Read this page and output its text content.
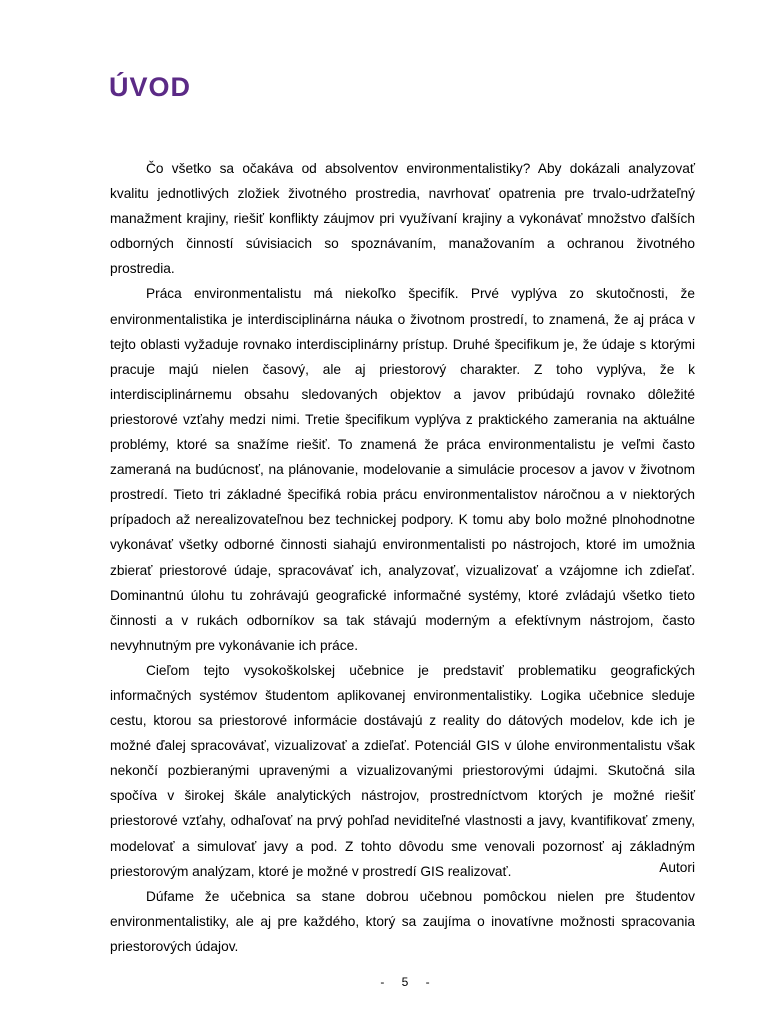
ÚVOD

Čo všetko sa očakáva od absolventov environmentalistiky? Aby dokázali analyzovať kvalitu jednotlivých zložiek životného prostredia, navrhovať opatrenia pre trvalo-udržateľný manažment krajiny, riešiť konflikty záujmov pri využívaní krajiny a vykonávať množstvo ďalších odborných činností súvisiacich so spoznávaním, manažovaním a ochranou životného prostredia.

Práca environmentalistu má niekoľko špecifík. Prvé vyplýva zo skutočnosti, že environmentalistika je interdisciplinárna náuka o životnom prostredí, to znamená, že aj práca v tejto oblasti vyžaduje rovnako interdisciplinárny prístup. Druhé špecifikum je, že údaje s ktorými pracuje majú nielen časový, ale aj priestorový charakter. Z toho vyplýva, že k interdisciplinárnemu obsahu sledovaných objektov a javov pribúdajú rovnako dôležité priestorové vzťahy medzi nimi. Tretie špecifikum vyplýva z praktického zamerania na aktuálne problémy, ktoré sa snažíme riešiť. To znamená že práca environmentalistu je veľmi často zameraná na budúcnosť, na plánovanie, modelovanie a simulácie procesov a javov v životnom prostredí. Tieto tri základné špecifiká robia prácu environmentalistov náročnou a v niektorých prípadoch až nerealizovateľnou bez technickej podpory. K tomu aby bolo možné plnohodnotne vykonávať všetky odborné činnosti siahajú environmentalisti po nástrojoch, ktoré im umožnia zbierať priestorové údaje, spracovávať ich, analyzovať, vizualizovať a vzájomne ich zdieľať. Dominantnú úlohu tu zohrávajú geografické informačné systémy, ktoré zvládajú všetko tieto činnosti a v rukách odborníkov sa tak stávajú moderným a efektívnym nástrojom, často nevyhnutným pre vykonávanie ich práce.

Cieľom tejto vysokoškolskej učebnice je predstaviť problematiku geografických informačných systémov študentom aplikovanej environmentalistiky. Logika učebnice sleduje cestu, ktorou sa priestorové informácie dostávajú z reality do dátových modelov, kde ich je možné ďalej spracovávať, vizualizovať a zdieľať. Potenciál GIS v úlohe environmentalistu však nekončí pozbieranými upravenými a vizualizovanými priestorovými údajmi. Skutočná sila spočíva v širokej škále analytických nástrojov, prostredníctvom ktorých je možné riešiť priestorové vzťahy, odhaľovať na prvý pohľad neviditeľné vlastnosti a javy, kvantifikovať zmeny, modelovať a simulovať javy a pod. Z tohto dôvodu sme venovali pozornosť aj základným priestorovým analýzam, ktoré je možné v prostredí GIS realizovať.

Dúfame že učebnica sa stane dobrou učebnou pomôckou nielen pre študentov environmentalistiky, ale aj pre každého, ktorý sa zaujíma o inovatívne možnosti spracovania priestorových údajov.

Autori
- 5 -
